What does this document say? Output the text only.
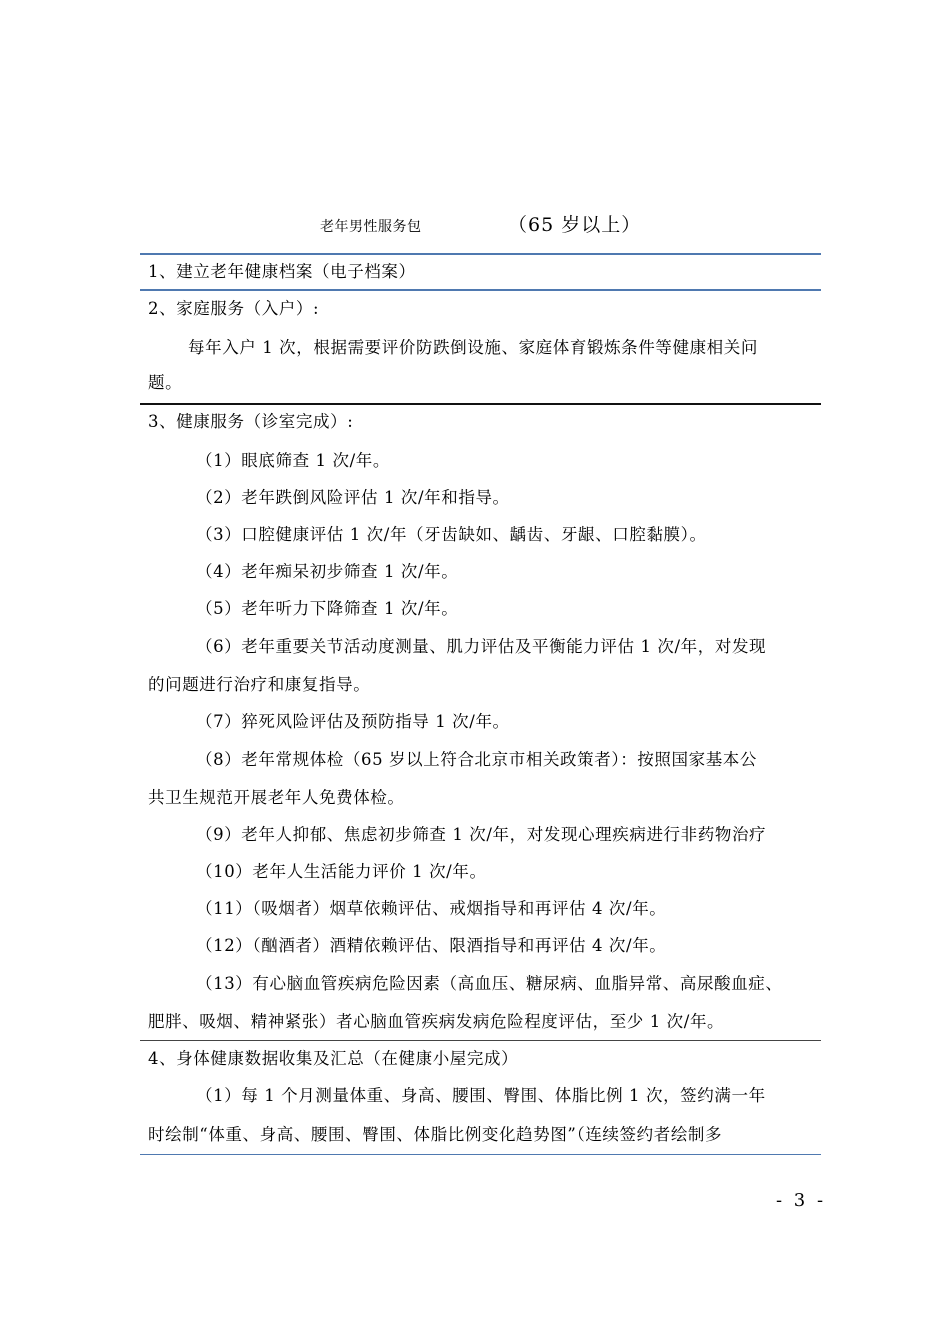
老年男性服务包	（65 岁以上）
1、建立老年健康档案（电子档案）
2、家庭服务（入户）:
每年入户 1 次，根据需要评价防跌倒设施、家庭体育锻炼条件等健康相关问
题。
3、健康服务（诊室完成）:
（1）眼底筛查 1 次/年。
（2）老年跌倒风险评估 1 次/年和指导。
（3）口腔健康评估 1 次/年（牙齿缺如、龋齿、牙龈、口腔黏膜）。
（4）老年痴呆初步筛查 1 次/年。
（5）老年听力下降筛查 1 次/年。
（6）老年重要关节活动度测量、肌力评估及平衡能力评估 1 次/年，对发现
的问题进行治疗和康复指导。
（7）猝死风险评估及预防指导 1 次/年。
（8）老年常规体检（65 岁以上符合北京市相关政策者）：按照国家基本公
共卫生规范开展老年人免费体检。
（9）老年人抑郁、焦虑初步筛查 1 次/年，对发现心理疾病进行非药物治疗
（10）老年人生活能力评价 1 次/年。
（11）（吸烟者）烟草依赖评估、戒烟指导和再评估 4 次/年。
（12）（酗酒者）酒精依赖评估、限酒指导和再评估 4 次/年。
（13）有心脑血管疾病危险因素（高血压、糖尿病、血脂异常、高尿酸血症、
肥胖、吸烟、精神紧张）者心脑血管疾病发病危险程度评估，至少 1 次/年。
4、身体健康数据收集及汇总（在健康小屋完成）
（1）每 1 个月测量体重、身高、腰围、臀围、体脂比例 1 次，签约满一年
时绘制“体重、身高、腰围、臀围、体脂比例变化趋势图”（连续签约者绘制多
- 3 -
